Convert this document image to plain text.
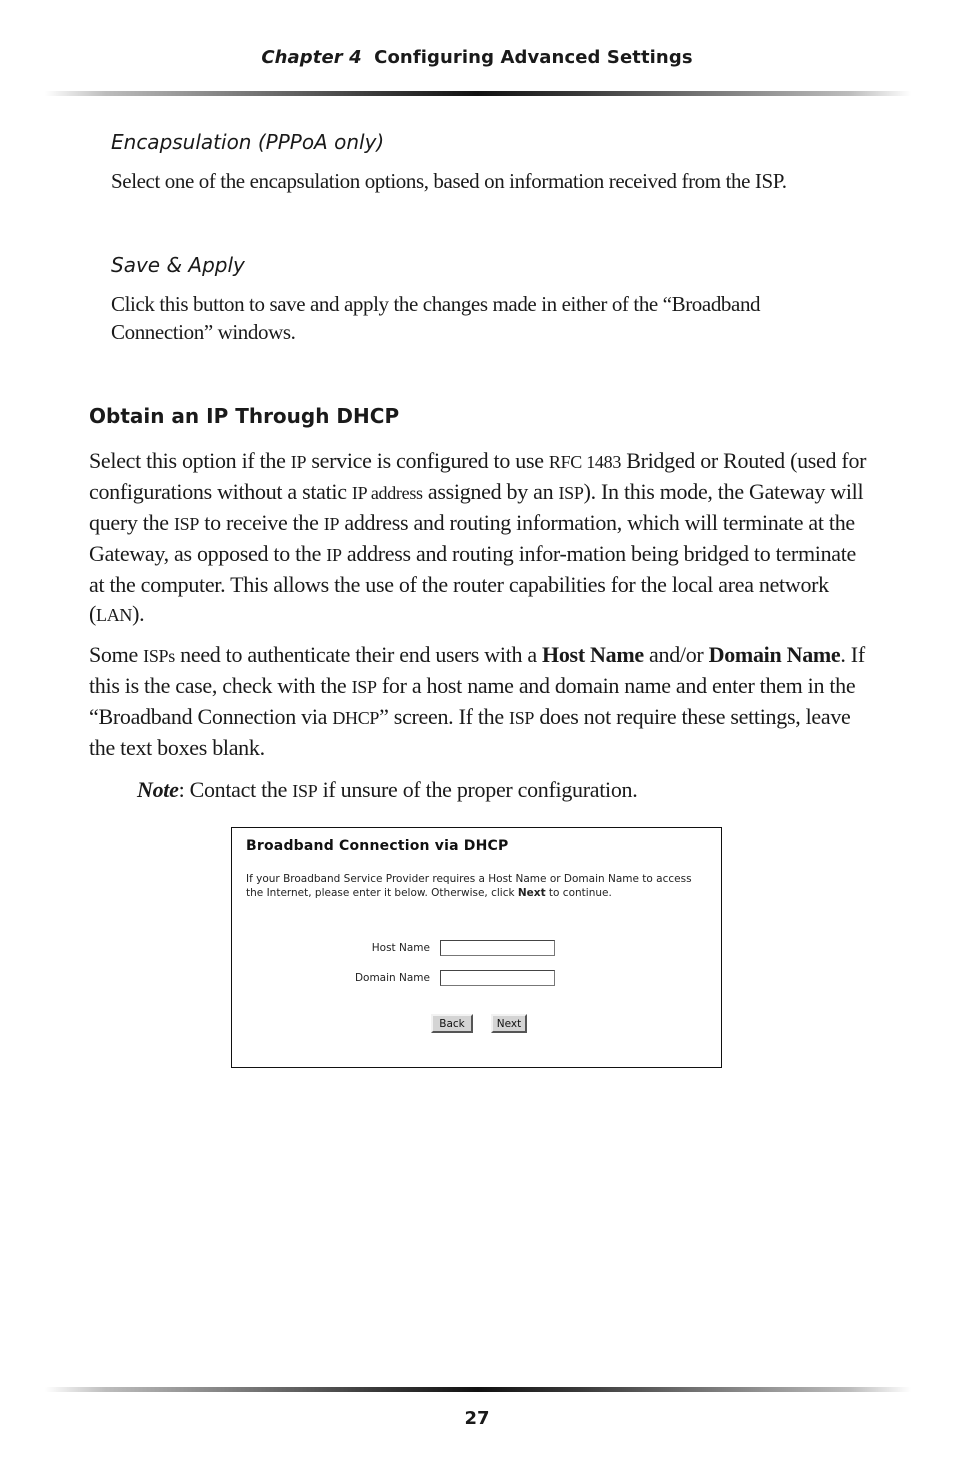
Chapter 4 Configuring Advanced Settings
Encapsulation (PPPoA only)
Select one of the encapsulation options, based on information received from the ISP.
Save & Apply
Click this button to save and apply the changes made in either of the “Broadband Connection” windows.
Obtain an IP Through DHCP

Select this option if the IP service is configured to use RFC 1483 Bridged or Routed (used for configurations without a static IP address assigned by an ISP). In this mode, the Gateway will query the ISP to receive the IP address and routing information, which will terminate at the Gateway, as opposed to the IP address and routing infor-mation being bridged to terminate at the computer. This allows the use of the router capabilities for the local area network (LAN).

Some ISPs need to authenticate their end users with a Host Name and/or Domain Name. If this is the case, check with the ISP for a host name and domain name and enter them in the “Broadband Connection via DHCP” screen. If the ISP does not require these settings, leave the text boxes blank.

Note: Contact the ISP if unsure of the proper configuration.
Broadband Connection via DHCP
If your Broadband Service Provider requires a Host Name or Domain Name to access the Internet, please enter it below. Otherwise, click Next to continue.
Host Name
Domain Name
Back	Next
27
